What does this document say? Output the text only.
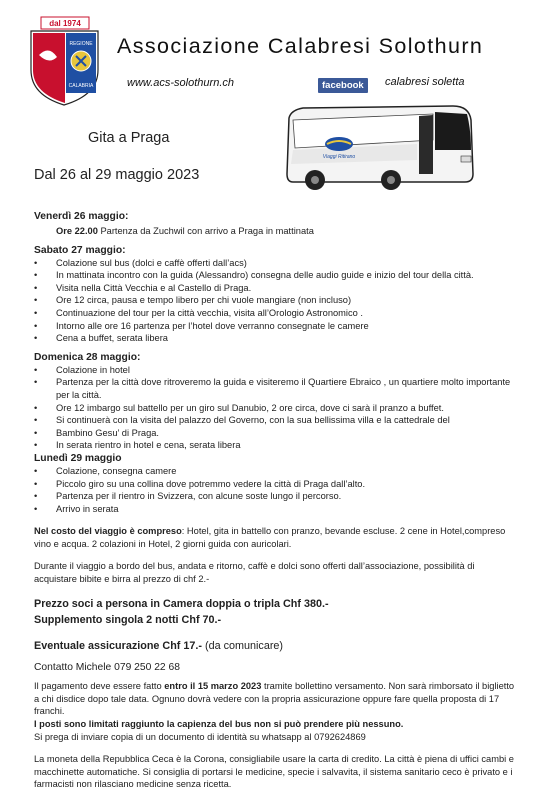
dal 1974
REGIONE
CALABRIA
Associazione Calabresi Solothurn
www.acs-solothurn.ch	facebook	calabresi soletta
Viaggi Ritirano
Gita a Praga
Dal 26 al 29 maggio 2023
Venerdì 26 maggio:
Ore 22.00 Partenza da Zuchwil con arrivo a Praga in mattinata
Sabato 27 maggio:
• Colazione sul bus (dolci e caffè offerti dall’acs)
• In mattinata incontro con la guida (Alessandro) consegna delle audio guide e inizio del tour della città.
• Visita nella Città Vecchia e al Castello di Praga.
• Ore 12 circa, pausa e tempo libero per chi vuole mangiare (non incluso)
• Continuazione del tour per la città vecchia, visita all’Orologio Astronomico .
• Intorno alle ore 16 partenza per l’hotel dove verranno consegnate le camere
• Cena a buffet, serata libera
Domenica 28 maggio:
• Colazione in hotel
• Partenza per la città dove ritroveremo la guida e visiteremo il Quartiere Ebraico , un quartiere molto importante per la città.
• Ore 12 imbargo sul battello per un giro sul Danubio, 2 ore circa, dove ci sarà il pranzo a buffet.
• Si continuerà con la visita del palazzo del Governo, con la sua bellissima villa e la cattedrale del
• Bambino Gesu’ di Praga.
• In serata rientro in hotel e cena, serata libera
Lunedì 29 maggio
• Colazione, consegna camere
• Piccolo giro su una collina dove potremmo vedere la città di Praga dall’alto.
• Partenza per il rientro in Svizzera, con alcune soste lungo il percorso.
• Arrivo in serata
Nel costo del viaggio è compreso: Hotel, gita in battello con pranzo, bevande escluse. 2 cene in Hotel,compreso vino e acqua. 2 colazioni in Hotel, 2 giorni guida con auricolari.
Durante il viaggio a bordo del bus, andata e ritorno, caffè e dolci sono offerti dall’associazione, possibilità di acquistare bibite e birra al prezzo di chf 2.-
Prezzo soci a persona in Camera doppia o tripla Chf 380.-
Supplemento singola 2 notti Chf 70.-
Eventuale assicurazione Chf 17.- (da comunicare)
Contatto Michele 079 250 22 68
Il pagamento deve essere fatto entro il 15 marzo 2023 tramite bollettino versamento. Non sarà rimborsato il biglietto a chi disdice dopo tale data. Ognuno dovrà vedere con la propria assicurazione oppure fare quella proposta di 17 franchi.
I posti sono limitati raggiunto la capienza del bus non si può prendere più nessuno.
Si prega di inviare copia di un documento di identità su whatsapp al 0792624869
La moneta della Repubblica Ceca è la Corona, consigliabile usare la carta di credito. La città è piena di uffici cambi e macchinette automatiche. Si consiglia di portarsi le medicine, specie i salvavita, il sistema sanitario ceco è privato e i farmacisti non rilasciano medicine senza ricetta.
